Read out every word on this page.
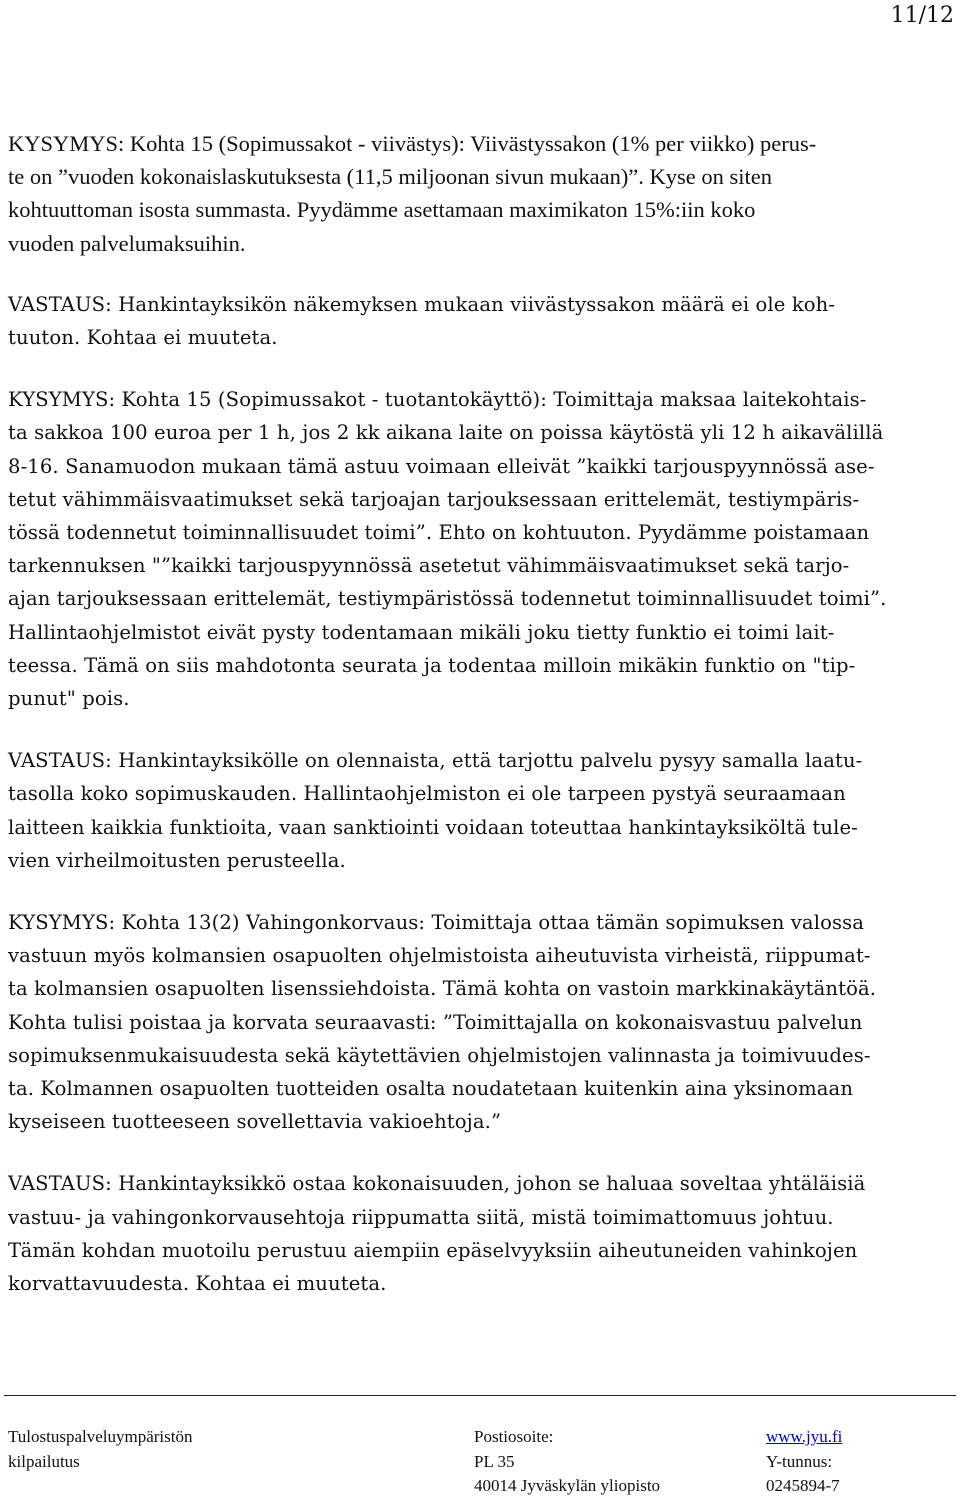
11/12

KYSYMYS: Kohta 15 (Sopimussakot - viivästys): Viivästyssakon (1% per viikko) perus-
te on ”vuoden kokonaislaskutuksesta (11,5 miljoonan sivun mukaan)”. Kyse on siten
kohtuuttoman isosta summasta. Pyydämme asettamaan maximikaton 15%:iin koko
vuoden palvelumaksuihin.

VASTAUS: Hankintayksikön näkemyksen mukaan viivästyssakon määrä ei ole koh-
tuuton. Kohtaa ei muuteta.

KYSYMYS: Kohta 15 (Sopimussakot - tuotantokäyttö): Toimittaja maksaa laitekohtais-
ta sakkoa 100 euroa per 1 h, jos 2 kk aikana laite on poissa käytöstä yli 12 h aikavälillä
8-16. Sanamuodon mukaan tämä astuu voimaan elleivät ”kaikki tarjouspyynnössä ase-
tetut vähimmäisvaatimukset sekä tarjoajan tarjouksessaan erittelemät, testiympäris-
tössä todennetut toiminnallisuudet toimi”. Ehto on kohtuuton. Pyydämme poistamaan
tarkennuksen "”kaikki tarjouspyynnössä asetetut vähimmäisvaatimukset sekä tarjo-
ajan tarjouksessaan erittelemät, testiympäristössä todennetut toiminnallisuudet toimi”.
Hallintaohjelmistot eivät pysty todentamaan mikäli joku tietty funktio ei toimi lait-
teessa. Tämä on siis mahdotonta seurata ja todentaa milloin mikäkin funktio on "tip-
punut" pois.

VASTAUS: Hankintayksikölle on olennaista, että tarjottu palvelu pysyy samalla laatu-
tasolla koko sopimuskauden. Hallintaohjelmiston ei ole tarpeen pystyä seuraamaan
laitteen kaikkia funktioita, vaan sanktiointi voidaan toteuttaa hankintayksiköltä tule-
vien virheilmoitusten perusteella.

KYSYMYS: Kohta 13(2) Vahingonkorvaus: Toimittaja ottaa tämän sopimuksen valossa
vastuun myös kolmansien osapuolten ohjelmistoista aiheutuvista virheistä, riippumat-
ta kolmansien osapuolten lisenssiehdoista. Tämä kohta on vastoin markkinakäytäntöä.
Kohta tulisi poistaa ja korvata seuraavasti: ”Toimittajalla on kokonaisvastuu palvelun
sopimuksenmukaisuudesta sekä käytettävien ohjelmistojen valinnasta ja toimivuudes-
ta. Kolmannen osapuolten tuotteiden osalta noudatetaan kuitenkin aina yksinomaan
kyseiseen tuotteeseen sovellettavia vakioehtoja.”

VASTAUS: Hankintayksikkö ostaa kokonaisuuden, johon se haluaa soveltaa yhtäläisiä
vastuu- ja vahingonkorvausehtoja riippumatta siitä, mistä toimimattomuus johtuu.
Tämän kohdan muotoilu perustuu aiempiin epäselvyyksiin aiheutuneiden vahinkojen
korvattavuudesta. Kohtaa ei muuteta.

Tulostuspalveluympäristön
kilpailutus
Postiosoite:
PL 35
40014 Jyväskylän yliopisto
www.jyu.fi
Y-tunnus:
0245894-7
